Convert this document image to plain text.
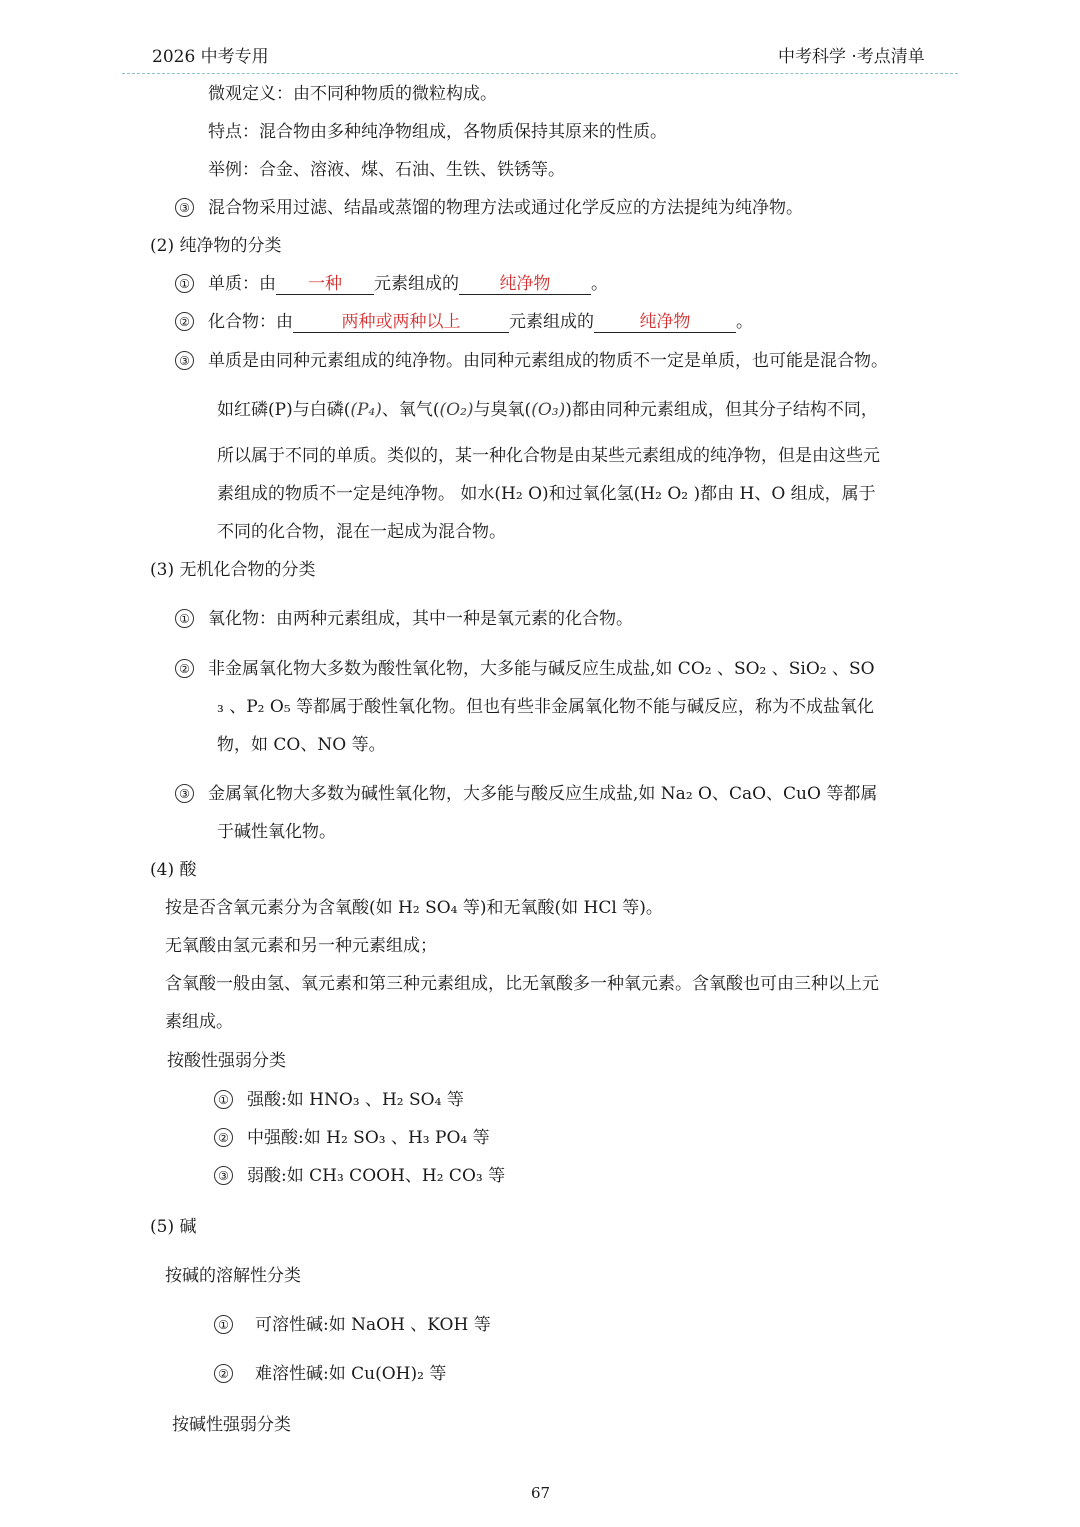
2026 中考专用	中考科学 ·考点清单
微观定义：由不同种物质的微粒构成。
特点：混合物由多种纯净物组成，各物质保持其原来的性质。
举例：合金、溶液、煤、石油、生铁、铁锈等。
③ 混合物采用过滤、结晶或蒸馏的物理方法或通过化学反应的方法提纯为纯净物。
(2) 纯净物的分类
① 单质：由 一种 元素组成的 纯净物 。
② 化合物：由	两种或两种以上	元素组成的	纯净物	。
③ 单质是由同种元素组成的纯净物。由同种元素组成的物质不一定是单质，也可能是混合物。
如红磷(P)与白磷((P₄)、氧气((O₂)与臭氧((O₃))都由同种元素组成，但其分子结构不同，
所以属于不同的单质。类似的，某一种化合物是由某些元素组成的纯净物，但是由这些元
素组成的物质不一定是纯净物。 如水(H₂ O)和过氧化氢(H₂ O₂ )都由 H、O 组成，属于
不同的化合物，混在一起成为混合物。
(3) 无机化合物的分类
① 氧化物：由两种元素组成，其中一种是氧元素的化合物。
② 非金属氧化物大多数为酸性氧化物，大多能与碱反应生成盐,如 CO₂ 、SO₂ 、SiO₂ 、SO
₃ 、P₂ O₅ 等都属于酸性氧化物。但也有些非金属氧化物不能与碱反应，称为不成盐氧化
物，如 CO、NO 等。
③ 金属氧化物大多数为碱性氧化物，大多能与酸反应生成盐,如 Na₂ O、CaO、CuO 等都属
于碱性氧化物。
(4) 酸
按是否含氧元素分为含氧酸(如 H₂ SO₄ 等)和无氧酸(如 HCl 等)。
无氧酸由氢元素和另一种元素组成；
含氧酸一般由氢、氧元素和第三种元素组成，比无氧酸多一种氧元素。含氧酸也可由三种以上元
素组成。
按酸性强弱分类
① 强酸:如 HNO₃ 、H₂ SO₄ 等
② 中强酸:如 H₂ SO₃ 、H₃ PO₄ 等
③ 弱酸:如 CH₃ COOH、H₂ CO₃ 等
(5) 碱
按碱的溶解性分类
① 可溶性碱:如 NaOH 、KOH 等
② 难溶性碱:如 Cu(OH)₂ 等
按碱性强弱分类
67
